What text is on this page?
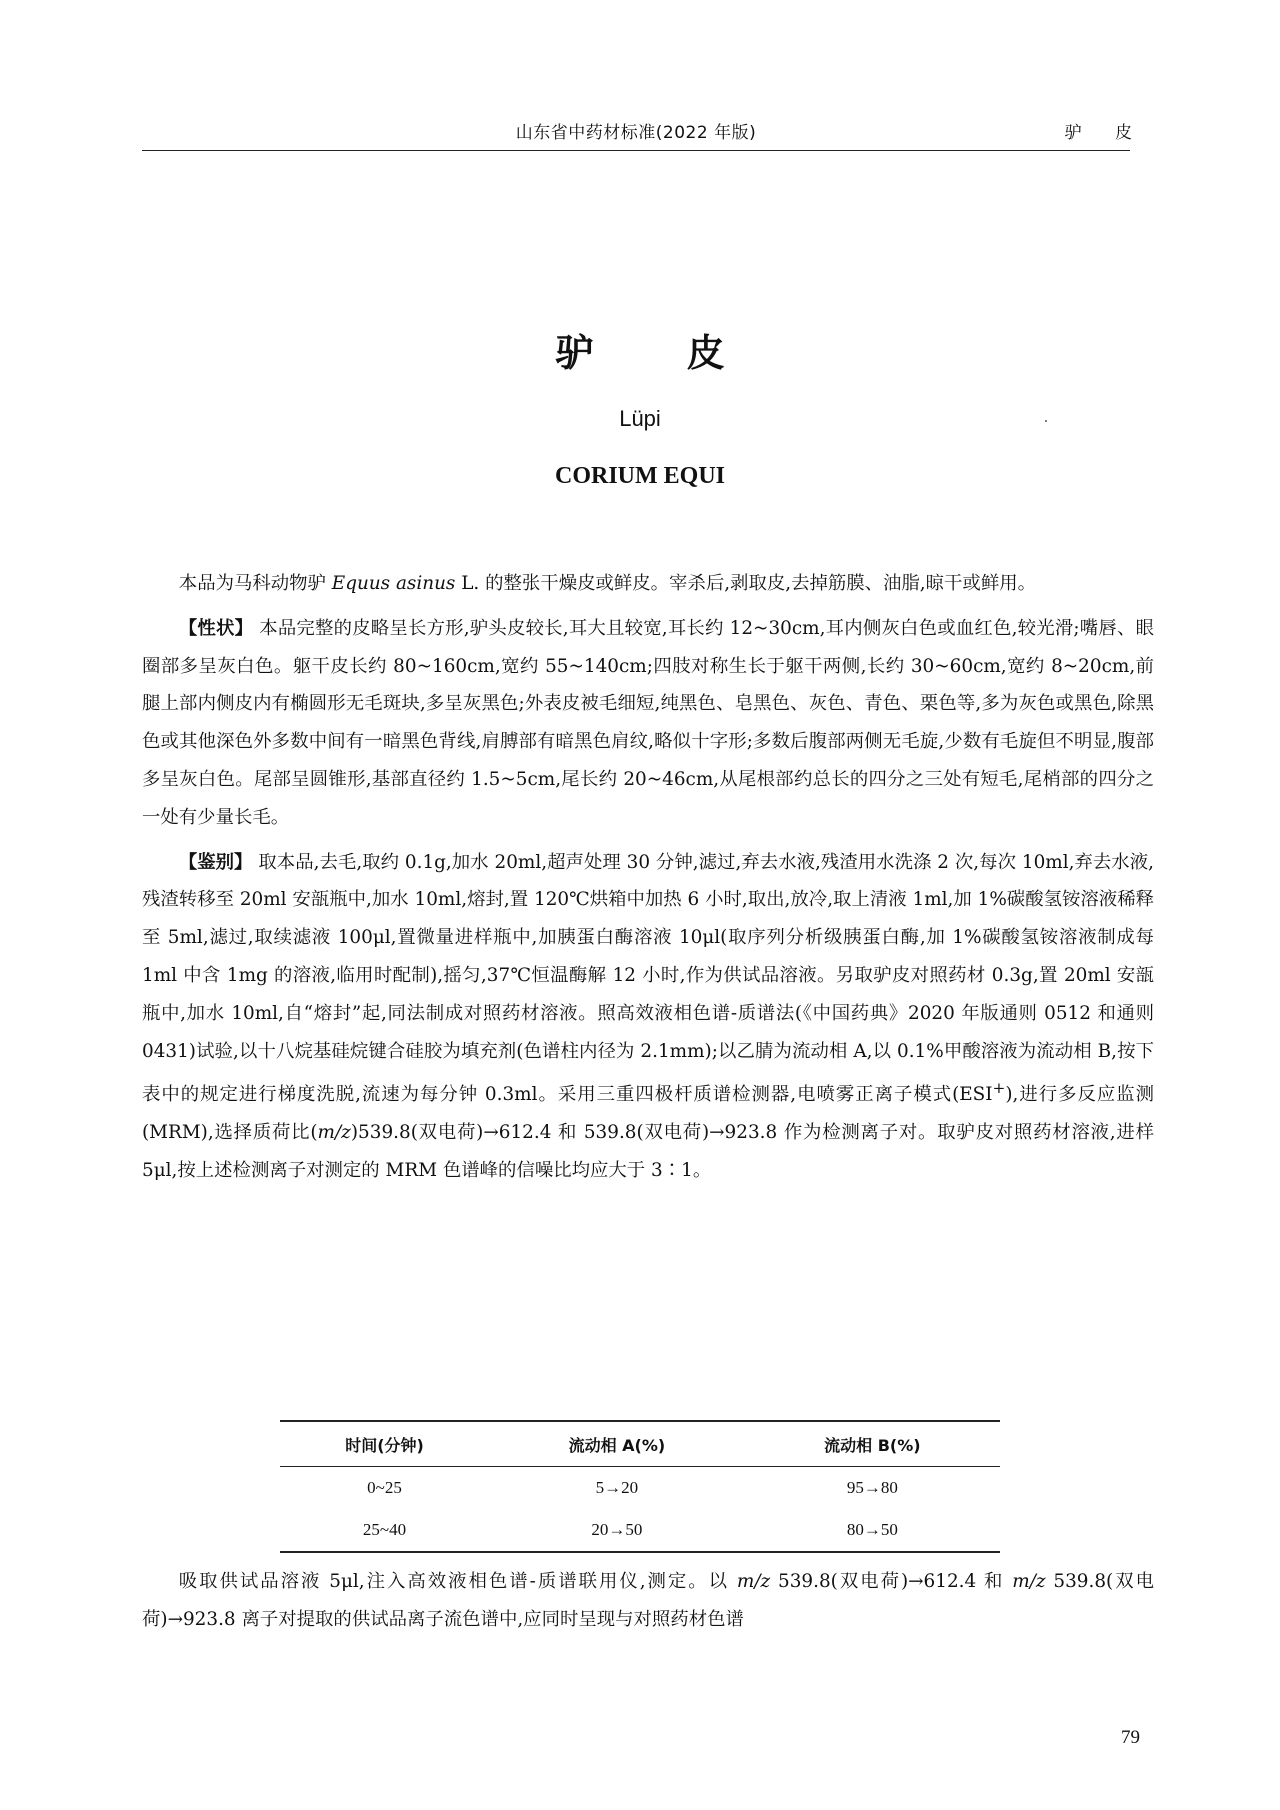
山东省中药材标准(2022 年版)	驴 皮
驴 皮
Lüpi
CORIUM EQUI

本品为马科动物驴 Equus asinus L. 的整张干燥皮或鲜皮。宰杀后,剥取皮,去掉筋膜、油脂,晾干或鲜用。

【性状】 本品完整的皮略呈长方形,驴头皮较长,耳大且较宽,耳长约 12~30cm,耳内侧灰白色或血红色,较光滑;嘴唇、眼圈部多呈灰白色。躯干皮长约 80~160cm,宽约 55~140cm;四肢对称生长于躯干两侧,长约 30~60cm,宽约 8~20cm,前腿上部内侧皮内有椭圆形无毛斑块,多呈灰黑色;外表皮被毛细短,纯黑色、皂黑色、灰色、青色、栗色等,多为灰色或黑色,除黑色或其他深色外多数中间有一暗黑色背线,肩膊部有暗黑色肩纹,略似十字形;多数后腹部两侧无毛旋,少数有毛旋但不明显,腹部多呈灰白色。尾部呈圆锥形,基部直径约 1.5~5cm,尾长约 20~46cm,从尾根部约总长的四分之三处有短毛,尾梢部的四分之一处有少量长毛。

【鉴别】 取本品,去毛,取约 0.1g,加水 20ml,超声处理 30 分钟,滤过,弃去水液,残渣用水洗涤 2 次,每次 10ml,弃去水液,残渣转移至 20ml 安瓿瓶中,加水 10ml,熔封,置 120℃烘箱中加热 6 小时,取出,放冷,取上清液 1ml,加 1%碳酸氢铵溶液稀释至 5ml,滤过,取续滤液 100μl,置微量进样瓶中,加胰蛋白酶溶液 10μl(取序列分析级胰蛋白酶,加 1%碳酸氢铵溶液制成每 1ml 中含 1mg 的溶液,临用时配制),摇匀,37℃恒温酶解 12 小时,作为供试品溶液。另取驴皮对照药材 0.3g,置 20ml 安瓿瓶中,加水 10ml,自“熔封”起,同法制成对照药材溶液。照高效液相色谱-质谱法(《中国药典》2020 年版通则 0512 和通则 0431)试验,以十八烷基硅烷键合硅胶为填充剂(色谱柱内径为 2.1mm);以乙腈为流动相 A,以 0.1%甲酸溶液为流动相 B,按下表中的规定进行梯度洗脱,流速为每分钟 0.3ml。采用三重四极杆质谱检测器,电喷雾正离子模式(ESI+),进行多反应监测(MRM),选择质荷比(m/z)539.8(双电荷)→612.4 和 539.8(双电荷)→923.8 作为检测离子对。取驴皮对照药材溶液,进样 5μl,按上述检测离子对测定的 MRM 色谱峰的信噪比均应大于 3∶1。

时间(分钟)	流动相 A(%)	流动相 B(%)
0~25	5→20	95→80
25~40	20→50	80→50

吸取供试品溶液 5μl,注入高效液相色谱-质谱联用仪,测定。以 m/z 539.8(双电荷)→612.4 和 m/z 539.8(双电荷)→923.8 离子对提取的供试品离子流色谱中,应同时呈现与对照药材色谱

79
